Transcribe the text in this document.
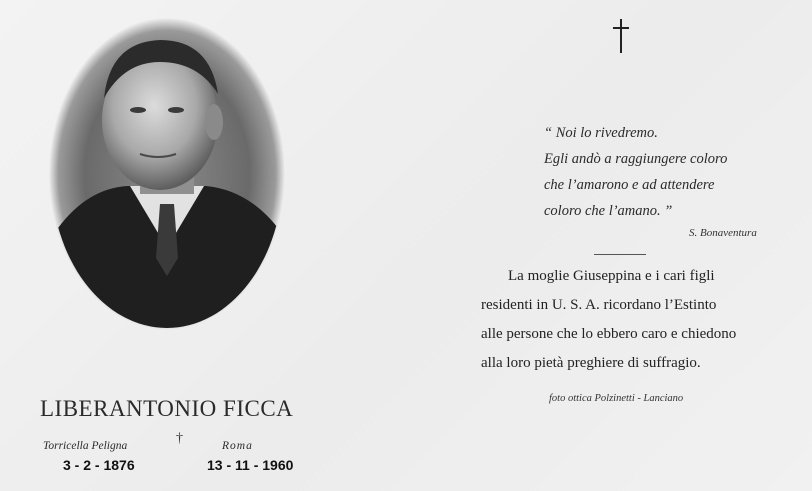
LIBERANTONIO FICCA
Torricella Peligna	†	Roma
3 - 2 - 1876	13 - 11 - 1960
“ Noi lo rivedremo.
Egli andò a raggiungere coloro
che l’amarono e ad attendere
coloro che l’amano. ”
S. Bonaventura
La moglie Giuseppina e i cari figli
residenti in U. S. A. ricordano l’Estinto
alle persone che lo ebbero caro e chiedono
alla loro pietà preghiere di suffragio.
foto ottica Polzinetti - Lanciano
